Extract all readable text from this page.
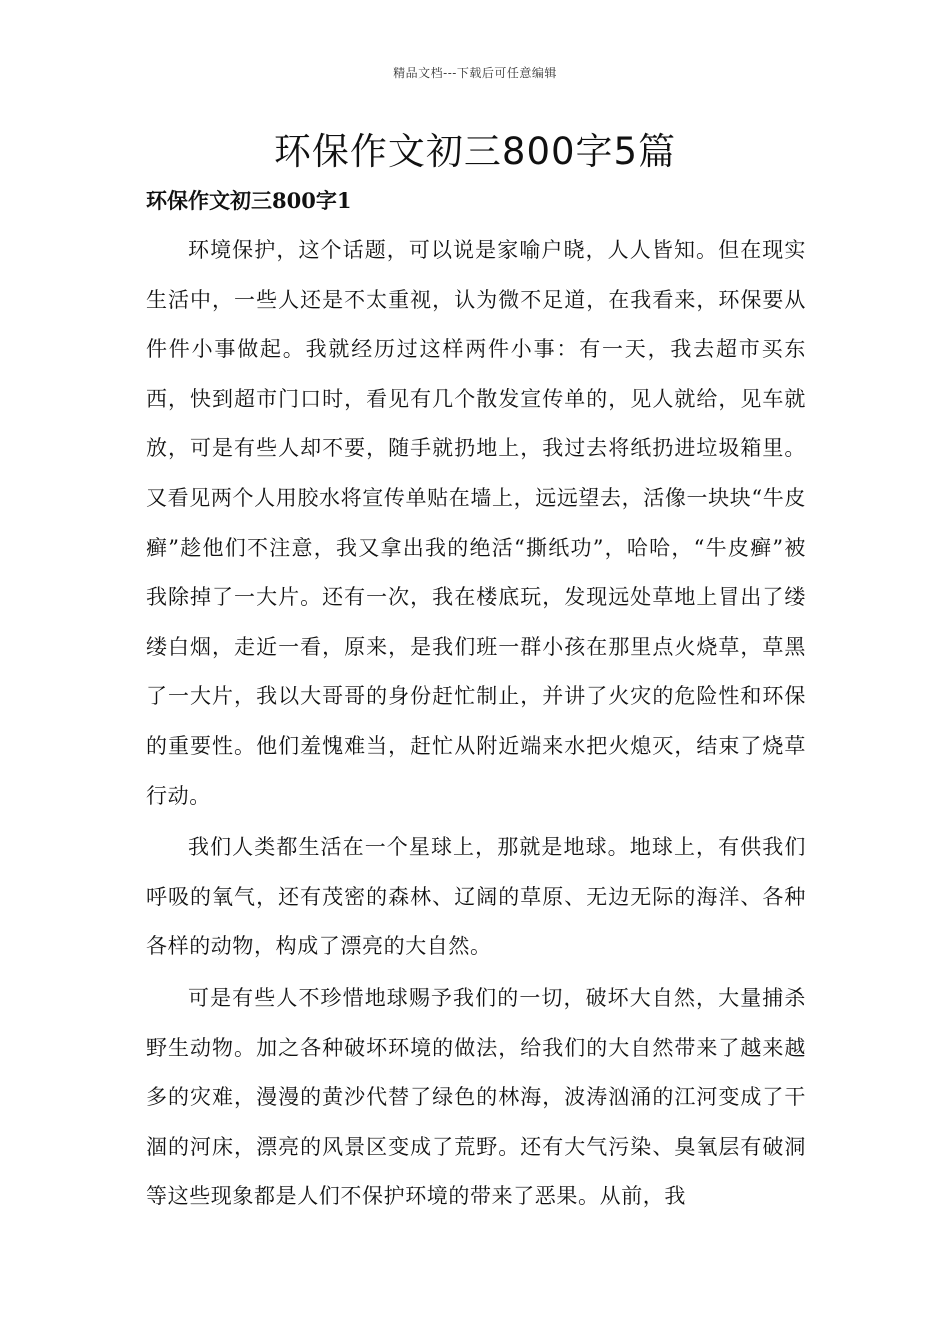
精品文档---下载后可任意编辑
环保作文初三800字5篇
环保作文初三800字1

环境保护，这个话题，可以说是家喻户晓，人人皆知。但在现实生活中，一些人还是不太重视，认为微不足道，在我看来，环保要从件件小事做起。我就经历过这样两件小事：有一天，我去超市买东西，快到超市门口时，看见有几个散发宣传单的，见人就给，见车就放，可是有些人却不要，随手就扔地上，我过去将纸扔进垃圾箱里。又看见两个人用胶水将宣传单贴在墙上，远远望去，活像一块块“牛皮癣”趁他们不注意，我又拿出我的绝活“撕纸功”，哈哈，“牛皮癣”被我除掉了一大片。还有一次，我在楼底玩，发现远处草地上冒出了缕缕白烟，走近一看，原来，是我们班一群小孩在那里点火烧草，草黑了一大片，我以大哥哥的身份赶忙制止，并讲了火灾的危险性和环保的重要性。他们羞愧难当，赶忙从附近端来水把火熄灭，结束了烧草行动。

我们人类都生活在一个星球上，那就是地球。地球上，有供我们呼吸的氧气，还有茂密的森林、辽阔的草原、无边无际的海洋、各种各样的动物，构成了漂亮的大自然。

可是有些人不珍惜地球赐予我们的一切，破坏大自然，大量捕杀野生动物。加之各种破坏环境的做法，给我们的大自然带来了越来越多的灾难，漫漫的黄沙代替了绿色的林海，波涛汹涌的江河变成了干涸的河床，漂亮的风景区变成了荒野。还有大气污染、臭氧层有破洞等这些现象都是人们不保护环境的带来了恶果。从前，我
